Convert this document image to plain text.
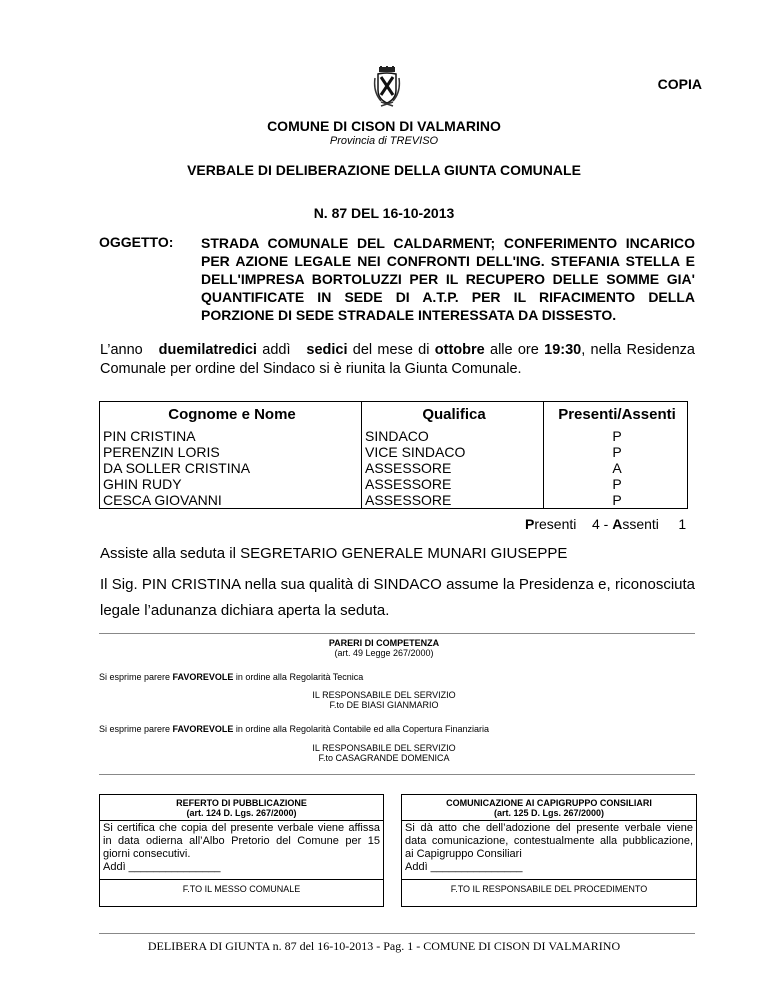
COPIA
COMUNE DI CISON DI VALMARINO
Provincia di TREVISO
VERBALE DI DELIBERAZIONE DELLA GIUNTA COMUNALE
N. 87 DEL 16-10-2013
OGGETTO: STRADA COMUNALE DEL CALDARMENT; CONFERIMENTO INCARICO PER AZIONE LEGALE NEI CONFRONTI DELL'ING. STEFANIA STELLA E DELL'IMPRESA BORTOLUZZI PER IL RECUPERO DELLE SOMME GIA' QUANTIFICATE IN SEDE DI A.T.P. PER IL RIFACIMENTO DELLA PORZIONE DI SEDE STRADALE INTERESSATA DA DISSESTO.
L’anno duemilatredici addì sedici del mese di ottobre alle ore 19:30, nella Residenza Comunale per ordine del Sindaco si è riunita la Giunta Comunale.
Cognome e Nome	Qualifica	Presenti/Assenti
PIN CRISTINA	SINDACO	P
PERENZIN LORIS	VICE SINDACO	P
DA SOLLER CRISTINA	ASSESSORE	A
GHIN RUDY	ASSESSORE	P
CESCA GIOVANNI	ASSESSORE	P
Presenti 4 - Assenti 1
Assiste alla seduta il SEGRETARIO GENERALE MUNARI GIUSEPPE
Il Sig. PIN CRISTINA nella sua qualità di SINDACO assume la Presidenza e, riconosciuta legale l’adunanza dichiara aperta la seduta.
PARERI DI COMPETENZA
(art. 49 Legge 267/2000)
Si esprime parere FAVOREVOLE in ordine alla Regolarità Tecnica
IL RESPONSABILE DEL SERVIZIO
F.to DE BIASI GIANMARIO
Si esprime parere FAVOREVOLE in ordine alla Regolarità Contabile ed alla Copertura Finanziaria
IL RESPONSABILE DEL SERVIZIO
F.to CASAGRANDE DOMENICA
REFERTO DI PUBBLICAZIONE
(art. 124 D. Lgs. 267/2000)
Si certifica che copia del presente verbale viene affissa in data odierna all’Albo Pretorio del Comune per 15 giorni consecutivi.
Addì _______________
F.TO IL MESSO COMUNALE
COMUNICAZIONE AI CAPIGRUPPO CONSILIARI
(art. 125 D. Lgs. 267/2000)
Si dà atto che dell’adozione del presente verbale viene data comunicazione, contestualmente alla pubblicazione, ai Capigruppo Consiliari
Addì _______________
F.TO IL RESPONSABILE DEL PROCEDIMENTO
DELIBERA DI GIUNTA n. 87 del 16-10-2013 - Pag. 1 - COMUNE DI CISON DI VALMARINO
